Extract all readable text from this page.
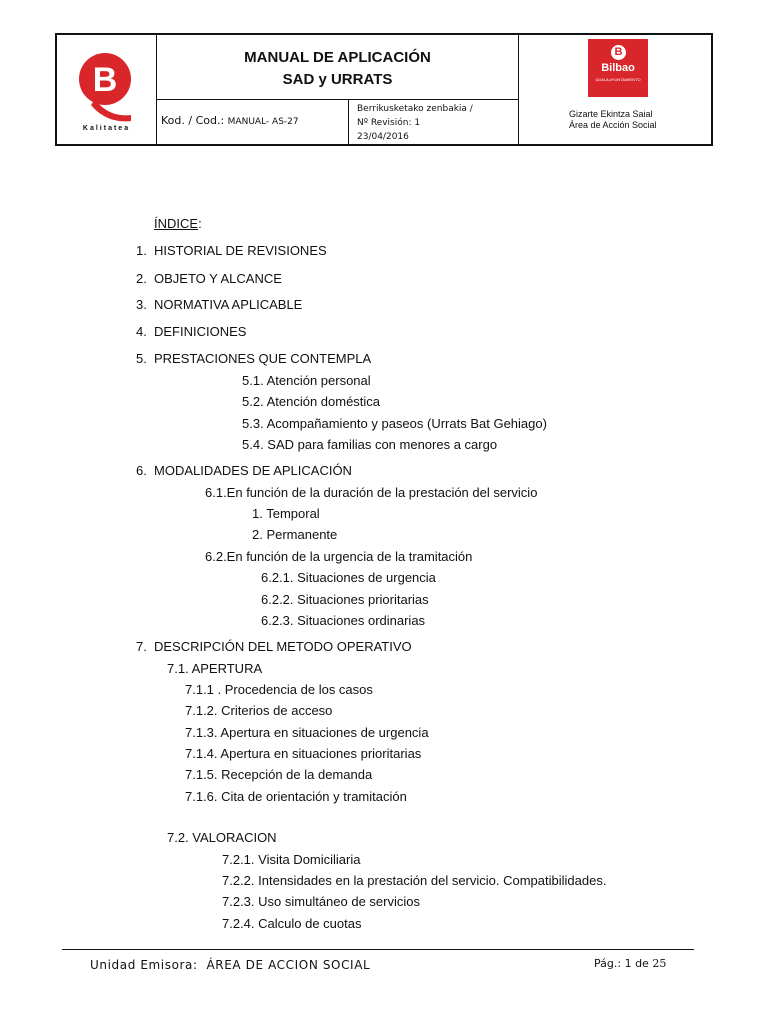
B
Kalitatea
MANUAL DE APLICACIÓN
SAD y URRATS
Kod. / Cod.: MANUAL- AS-27
Berrikusketako zenbakia /
Nº Revisión: 1
23/04/2016
B
Bilbao
UDALA AYUNTAMIENTO
Gizarte Ekintza Saial
Área de Acción Social
ÍNDICE:
1. HISTORIAL DE REVISIONES
2. OBJETO Y ALCANCE
3. NORMATIVA APLICABLE
4. DEFINICIONES
5. PRESTACIONES QUE CONTEMPLA
5.1. Atención personal
5.2. Atención doméstica
5.3. Acompañamiento y paseos (Urrats Bat Gehiago)
5.4. SAD para familias con menores a cargo
6. MODALIDADES DE APLICACIÓN
6.1.En función de la duración de la prestación del servicio
1. Temporal
2. Permanente
6.2.En función de la urgencia de la tramitación
6.2.1. Situaciones de urgencia
6.2.2. Situaciones prioritarias
6.2.3. Situaciones ordinarias
7. DESCRIPCIÓN DEL METODO OPERATIVO
7.1. APERTURA
7.1.1 . Procedencia de los casos
7.1.2. Criterios de acceso
7.1.3. Apertura en situaciones de urgencia
7.1.4. Apertura en situaciones prioritarias
7.1.5. Recepción de la demanda
7.1.6. Cita de orientación y tramitación
7.2. VALORACION
7.2.1. Visita Domiciliaria
7.2.2. Intensidades en la prestación del servicio. Compatibilidades.
7.2.3. Uso simultáneo de servicios
7.2.4. Calculo de cuotas
Unidad Emisora: ÁREA DE ACCION SOCIAL	Pág.: 1 de 25
